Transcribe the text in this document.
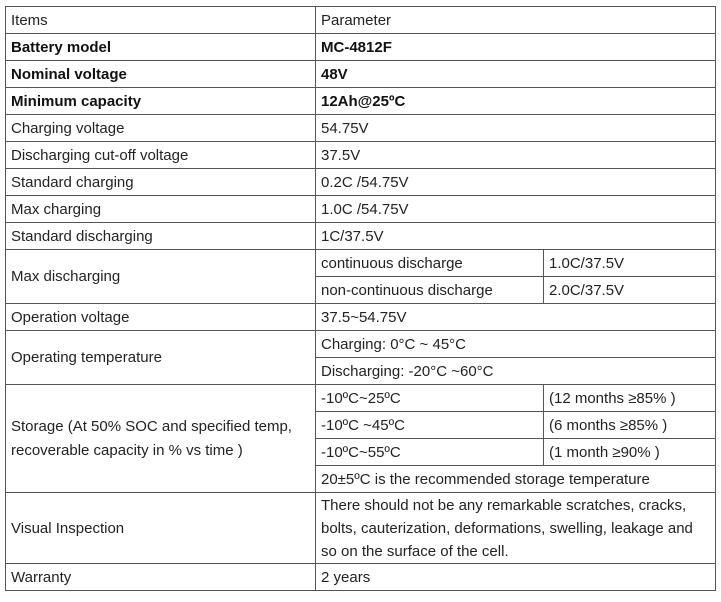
Items	Parameter	
Battery model	MC-4812F	
Nominal voltage	48V	
Minimum capacity	12Ah@25ºC	
Charging voltage	54.75V	
Discharging cut-off voltage	37.5V	
Standard charging	0.2C /54.75V	
Max charging	1.0C /54.75V	
Standard discharging	1C/37.5V	
Max discharging	continuous discharge	1.0C/37.5V
	non-continuous discharge	2.0C/37.5V
Operation voltage	37.5~54.75V	
Operating temperature	Charging: 0°C ~ 45°C	
	Discharging: -20°C ~60°C	
Storage (At 50% SOC and specified temp,
recoverable capacity in % vs time )	-10ºC~25ºC	(12 months ≥85% )
	-10ºC ~45ºC	(6 months ≥85% )
	-10ºC~55ºC	(1 month ≥90% )
	20±5ºC is the recommended storage temperature	
Visual Inspection	There should not be any remarkable scratches, cracks, bolts, cauterization, deformations, swelling, leakage and so on the surface of the cell.	
Warranty	2 years	
